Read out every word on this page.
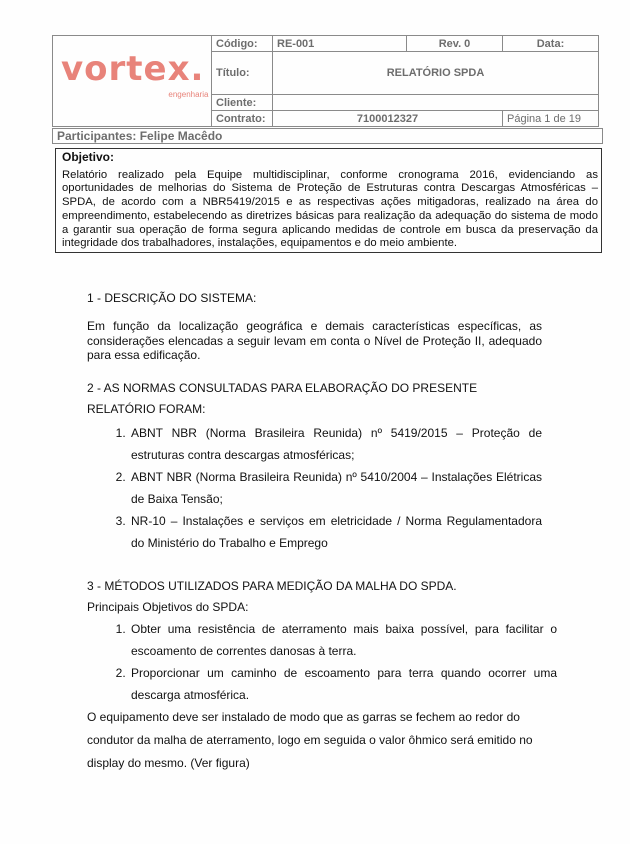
vortex.
engenharia	Código:	RE-001	Rev. 0	Data:
	Título:	RELATÓRIO SPDA		
	Cliente:			
	Contrato:	7100012327		Página 1 de 19
Participantes: Felipe Macêdo
Objetivo:

Relatório realizado pela Equipe multidisciplinar, conforme cronograma 2016, evidenciando as oportunidades de melhorias do Sistema de Proteção de Estruturas contra Descargas Atmosféricas – SPDA, de acordo com a NBR5419/2015 e as respectivas ações mitigadoras, realizado na área do empreendimento, estabelecendo as diretrizes básicas para realização da adequação do sistema de modo a garantir sua operação de forma segura aplicando medidas de controle em busca da preservação da integridade dos trabalhadores, instalações, equipamentos e do meio ambiente.

1 - DESCRIÇÃO DO SISTEMA:

Em função da localização geográfica e demais características específicas, as considerações elencadas a seguir levam em conta o Nível de Proteção II, adequado para essa edificação.

2 - AS NORMAS CONSULTADAS PARA ELABORAÇÃO DO PRESENTE RELATÓRIO FORAM:

1. ABNT NBR (Norma Brasileira Reunida) nº 5419/2015 – Proteção de estruturas contra descargas atmosféricas;
2. ABNT NBR (Norma Brasileira Reunida) nº 5410/2004 – Instalações Elétricas de Baixa Tensão;
3. NR-10 – Instalações e serviços em eletricidade / Norma Regulamentadora do Ministério do Trabalho e Emprego

3 - MÉTODOS UTILIZADOS PARA MEDIÇÃO DA MALHA DO SPDA.

Principais Objetivos do SPDA:

1. Obter uma resistência de aterramento mais baixa possível, para facilitar o escoamento de correntes danosas à terra.
2. Proporcionar um caminho de escoamento para terra quando ocorrer uma descarga atmosférica.

O equipamento deve ser instalado de modo que as garras se fechem ao redor do condutor da malha de aterramento, logo em seguida o valor ôhmico será emitido no display do mesmo. (Ver figura)
